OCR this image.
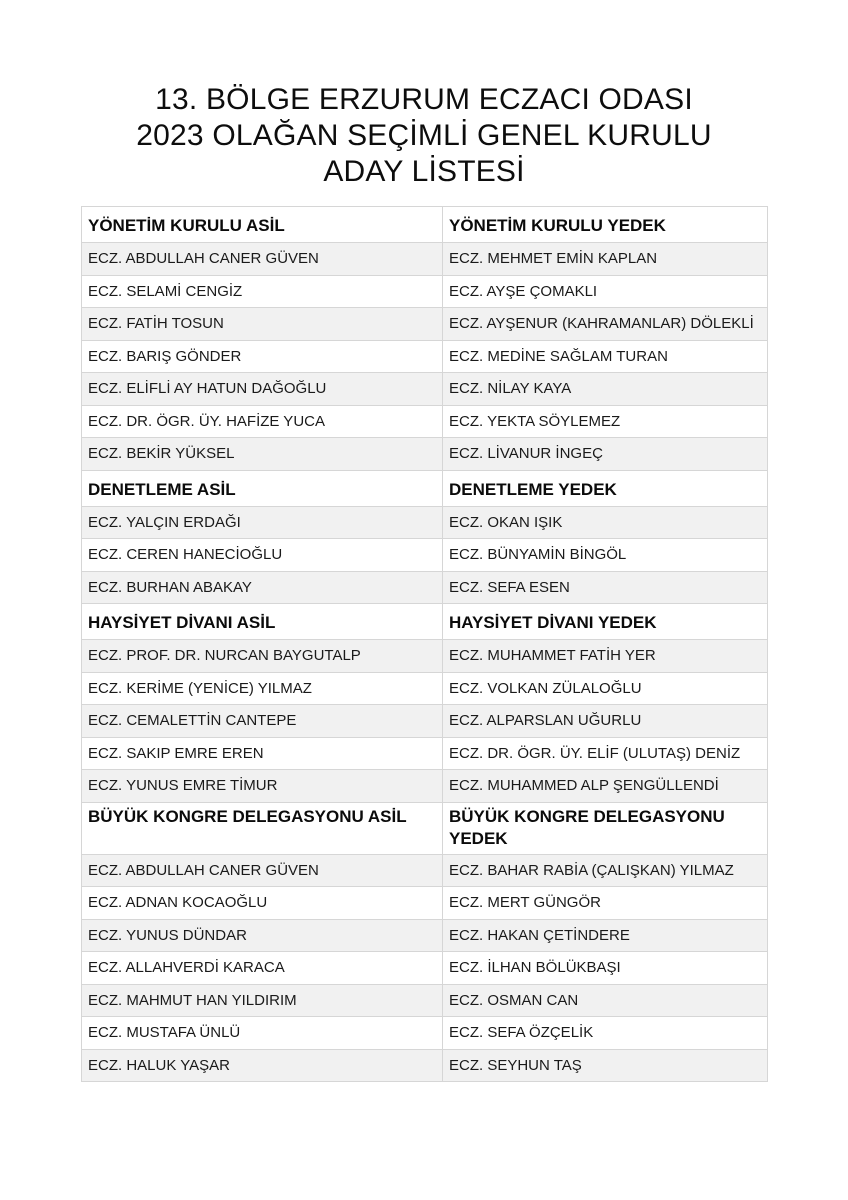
13. BÖLGE ERZURUM ECZACI ODASI
2023 OLAĞAN SEÇİMLİ GENEL KURULU
ADAY LİSTESİ
YÖNETİM KURULU ASİL	YÖNETİM KURULU YEDEK
ECZ. ABDULLAH CANER GÜVEN	ECZ. MEHMET EMİN KAPLAN
ECZ. SELAMİ CENGİZ	ECZ. AYŞE ÇOMAKLI
ECZ. FATİH TOSUN	ECZ. AYŞENUR (KAHRAMANLAR) DÖLEKLİ
ECZ. BARIŞ GÖNDER	ECZ. MEDİNE SAĞLAM TURAN
ECZ. ELİFLİ AY HATUN DAĞOĞLU	ECZ. NİLAY KAYA
ECZ. DR. ÖGR. ÜY. HAFİZE YUCA	ECZ. YEKTA SÖYLEMEZ
ECZ. BEKİR YÜKSEL	ECZ. LİVANUR İNGEÇ
DENETLEME ASİL	DENETLEME YEDEK
ECZ. YALÇIN ERDAĞI	ECZ. OKAN IŞIK
ECZ. CEREN HANECİOĞLU	ECZ. BÜNYAMİN BİNGÖL
ECZ. BURHAN ABAKAY	ECZ. SEFA ESEN
HAYSİYET DİVANI ASİL	HAYSİYET DİVANI YEDEK
ECZ. PROF. DR. NURCAN BAYGUTALP	ECZ. MUHAMMET FATİH YER
ECZ. KERİME (YENİCE) YILMAZ	ECZ. VOLKAN ZÜLALOĞLU
ECZ. CEMALETTİN CANTEPE	ECZ. ALPARSLAN UĞURLU
ECZ. SAKIP EMRE EREN	ECZ. DR. ÖGR. ÜY. ELİF (ULUTAŞ) DENİZ
ECZ. YUNUS EMRE TİMUR	ECZ. MUHAMMED ALP ŞENGÜLLENDİ
BÜYÜK KONGRE DELEGASYONU ASİL	BÜYÜK KONGRE DELEGASYONU YEDEK
ECZ. ABDULLAH CANER GÜVEN	ECZ. BAHAR RABİA (ÇALIŞKAN) YILMAZ
ECZ. ADNAN KOCAOĞLU	ECZ. MERT GÜNGÖR
ECZ. YUNUS DÜNDAR	ECZ. HAKAN ÇETİNDERE
ECZ. ALLAHVERDİ KARACA	ECZ. İLHAN BÖLÜKBAŞI
ECZ. MAHMUT HAN YILDIRIM	ECZ. OSMAN CAN
ECZ. MUSTAFA ÜNLÜ	ECZ. SEFA ÖZÇELİK
ECZ. HALUK YAŞAR	ECZ. SEYHUN TAŞ
